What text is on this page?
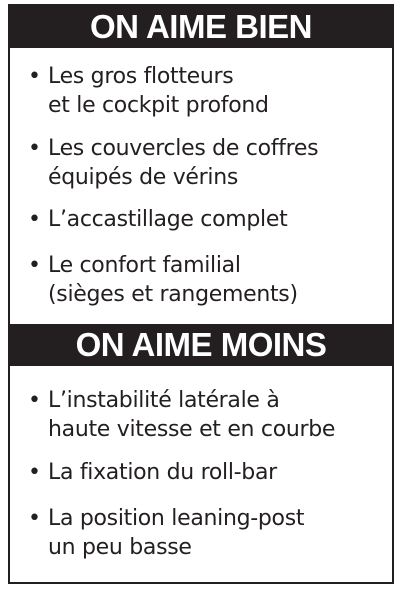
ON AIME BIEN
• Les gros flotteurs
et le cockpit profond
• Les couvercles de coffres
équipés de vérins
• L’accastillage complet
• Le confort familial
(sièges et rangements)
ON AIME MOINS
• L’instabilité latérale à
haute vitesse et en courbe
• La fixation du roll-bar
• La position leaning-post
un peu basse
